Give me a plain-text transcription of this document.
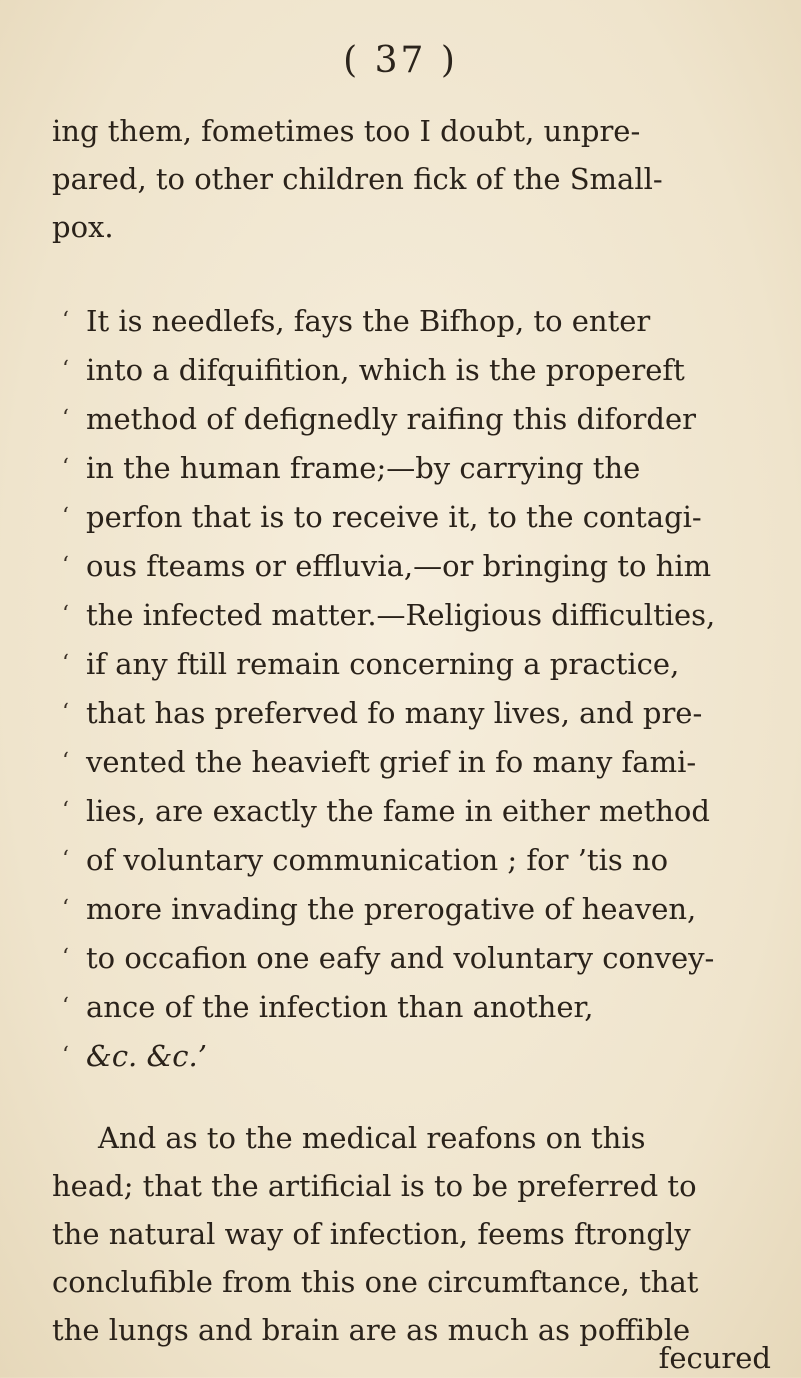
( 37 )
ing them, fometimes too I doubt, unpre-
pared, to other children fick of the Small-
pox.
‘
‘
‘
‘
‘
‘
‘
‘
‘
‘
‘
‘
‘
‘
‘
‘
It is needlefs, fays the Bifhop, to enter
into a difquifition, which is the propereft
method of defignedly raifing this diforder
in the human frame;—by carrying the
perfon that is to receive it, to the contagi-
ous fteams or effluvia,—or bringing to him
the infected matter.—Religious difficulties,
if any ftill remain concerning a practice,
that has preferved fo many lives, and pre-
vented the heavieft grief in fo many fami-
lies, are exactly the fame in either method
of voluntary communication ; for ’tis no
more invading the prerogative of heaven,
to occafion one eafy and voluntary convey-
ance of the infection than another,
&c. &c.’
And as to the medical reafons on this
head; that the artificial is to be preferred to
the natural way of infection, feems ftrongly
conclufible from this one circumftance, that
the lungs and brain are as much as poffible
fecured
